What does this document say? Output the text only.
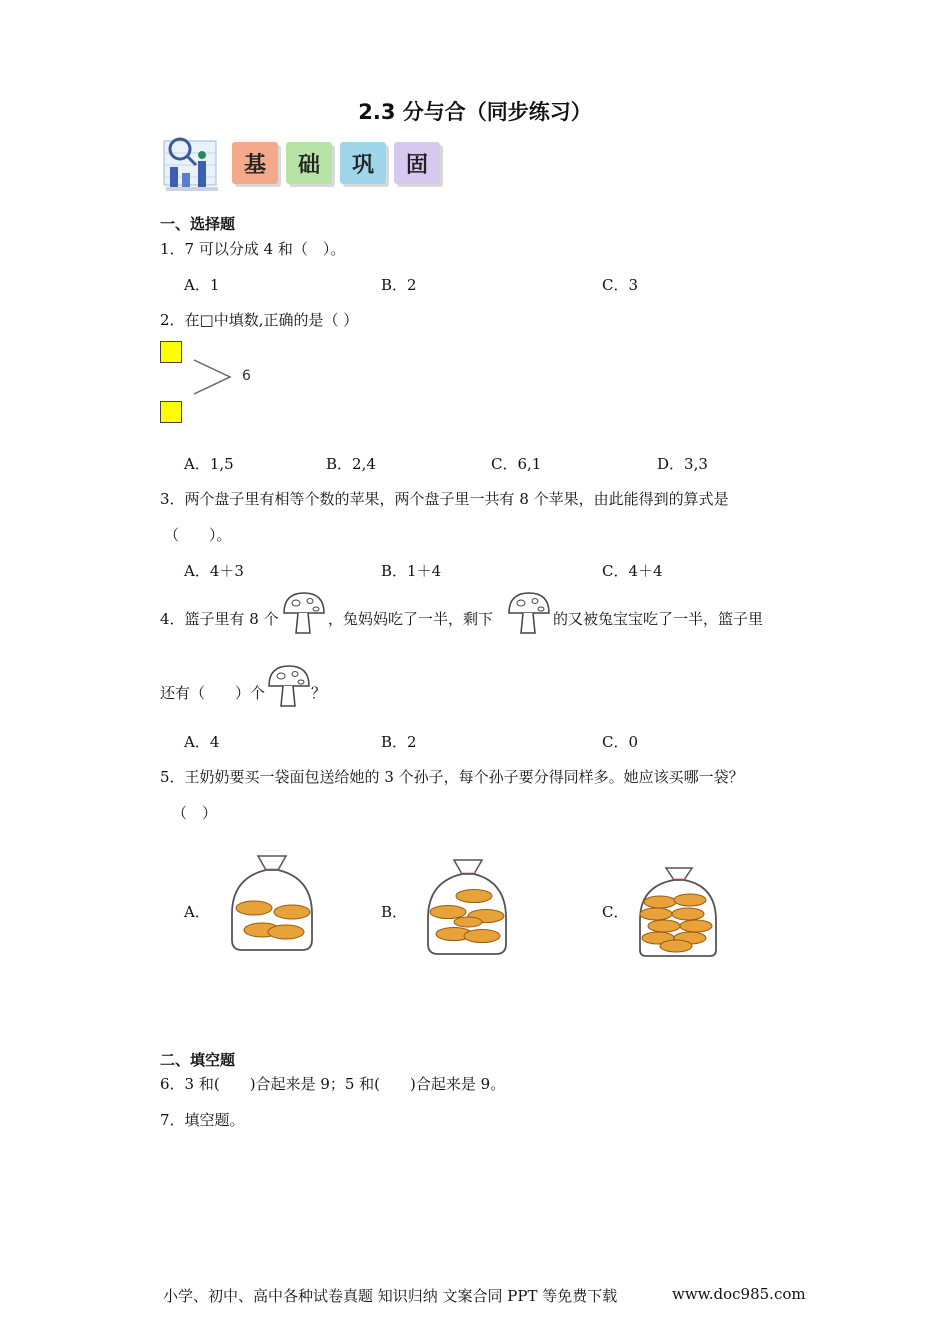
2.3 分与合（同步练习）
基 础 巩 固
一、选择题
1．7 可以分成 4 和（　）。
A．1	B．2	C．3
2．在□中填数,正确的是（ ）
6
A．1,5	B．2,4	C．6,1	D．3,3
3．两个盘子里有相等个数的苹果，两个盘子里一共有 8 个苹果，由此能得到的算式是
（　　）。
A．4＋3	B．1＋4	C．4＋4
4．篮子里有 8 个	，兔妈妈吃了一半，剩下	的又被兔宝宝吃了一半，篮子里
还有（　　）个	？
A．4	B．2	C．0
5．王奶奶要买一袋面包送给她的 3 个孙子，每个孙子要分得同样多。她应该买哪一袋？
（　）
A．	B．	C．
二、填空题
6．3 和(　　)合起来是 9；5 和(　　)合起来是 9。
7．填空题。
小学、初中、高中各种试卷真题 知识归纳 文案合同 PPT 等免费下载	www.doc985.com
